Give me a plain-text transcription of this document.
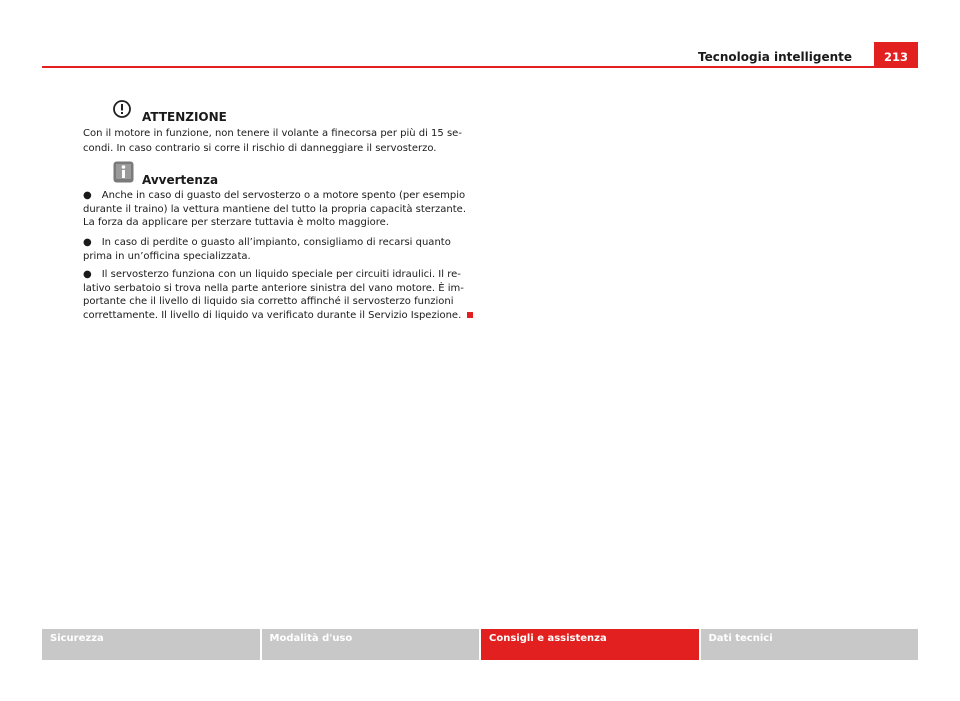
Tecnologia intelligente	213
ATTENZIONE
Con il motore in funzione, non tenere il volante a finecorsa per più di 15 se-
condi. In caso contrario si corre il rischio di danneggiare il servosterzo.
Avvertenza
● Anche in caso di guasto del servosterzo o a motore spento (per esempio
durante il traino) la vettura mantiene del tutto la propria capacità sterzante.
La forza da applicare per sterzare tuttavia è molto maggiore.
● In caso di perdite o guasto all’impianto, consigliamo di recarsi quanto
prima in un’officina specializzata.
● Il servosterzo funziona con un liquido speciale per circuiti idraulici. Il re-
lativo serbatoio si trova nella parte anteriore sinistra del vano motore. È im-
portante che il livello di liquido sia corretto affinché il servosterzo funzioni
correttamente. Il livello di liquido va verificato durante il Servizio Ispezione.
Sicurezza	Modalità d'uso	Consigli e assistenza	Dati tecnici
